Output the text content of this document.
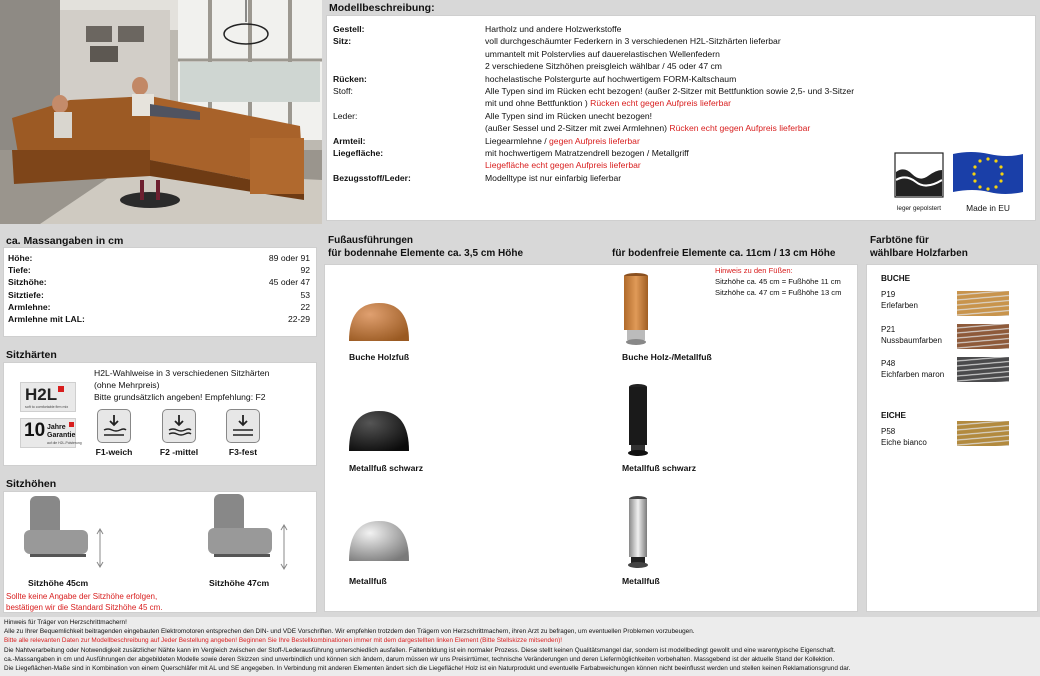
Modellbeschreibung:
leger gepolstert	Made in EU
Gestell:	Hartholz und andere Holzwerkstoffe
Sitz:	voll durchgeschäumter Federkern in 3 verschiedenen H2L-Sitzhärten lieferbar
ummantelt mit Polstervlies auf dauerelastischen Wellenfedern
2 verschiedene Sitzhöhen preisgleich wählbar / 45 oder 47 cm
Rücken:	hochelastische Polstergurte auf hochwertigem FORM-Kaltschaum
Stoff:	Alle Typen sind im Rücken echt bezogen! (außer 2-Sitzer mit Bettfunktion sowie 2,5- und 3-Sitzer
mit und ohne Bettfunktion ) Rücken echt gegen Aufpreis lieferbar
Leder:	Alle Typen sind im Rücken unecht bezogen!
(außer Sessel und 2-Sitzer mit zwei Armlehnen) Rücken echt gegen Aufpreis lieferbar
Armteil:	Liegearmlehne / gegen Aufpreis lieferbar
Liegefläche:	mit hochwertigem Matratzendrell bezogen / Metallgriff
Liegefläche echt gegen Aufpreis lieferbar
Bezugsstoff/Leder:	Modelltype ist nur einfarbig lieferbar
ca. Massangaben in cm
Höhe:	89 oder 91
Tiefe:	92
Sitzhöhe:	45 oder 47
Sitztiefe:	53
Armlehne:	22
Armlehne mit LAL:	22-29
Sitzhärten
H2L
soft to comfortable firm mix
10 Jahre
Garantie
auf die H2L-Polsterung
H2L-Wahlweise in 3 verschiedenen Sitzhärten
(ohne Mehrpreis)
Bitte grundsätzlich angeben! Empfehlung: F2
F1-weich	F2 -mittel	F3-fest
Sitzhöhen
Sitzhöhe 45cm	Sitzhöhe 47cm
Sollte keine Angabe der Sitzhöhe erfolgen,
bestätigen wir die Standard Sitzhöhe 45 cm.
Fußausführungen
für bodennahe Elemente ca. 3,5 cm Höhe	für bodenfreie Elemente ca. 11cm / 13 cm Höhe
Buche Holzfuß
Metallfuß schwarz
Metallfuß
Buche Holz-/Metallfuß
Metallfuß schwarz
Metallfuß
Hinweis zu den Füßen:
Sitzhöhe ca. 45 cm = Fußhöhe 11 cm
Sitzhöhe ca. 47 cm = Fußhöhe 13 cm
Farbtöne für
wählbare Holzfarben
BUCHE
P19
Erlefarben
P21
Nussbaumfarben
P48
Eichfarben maron
EICHE
P58
Eiche bianco
Hinweis für Träger von Herzschrittmachern!
Alle zu Ihrer Bequemlichkeit beitragenden eingebauten Elektromotoren entsprechen den DIN- und VDE Vorschriften. Wir empfehlen trotzdem den Trägern von Herzschrittmachern, ihren Arzt zu befragen, um eventuellen Problemen vorzubeugen.
Bitte alle relevanten Daten zur Modellbeschreibung auf Jeder Bestellung angeben! Beginnen Sie Ihre Bestellkombinationen immer mit dem dargestellten linken Element (Bitte Stellskizze mitsenden)!
Die Nahtverarbeitung oder Notwendigkeit zusätzlicher Nähte kann im Vergleich zwischen der Stoff-/Lederausführung unterschiedlich ausfallen. Faltenbildung ist ein normaler Prozess. Diese stellt keinen Qualitätsmangel dar, sondern ist modellbedingt gewollt und eine warentypische Eigenschaft.
ca.-Massangaben in cm und Ausführungen der abgebildeten Modelle sowie deren Skizzen sind unverbindlich und können sich ändern, darum müssen wir uns Preisirrtümer, technische Veränderungen und deren Liefermöglichkeiten vorbehalten. Massgebend ist der aktuelle Stand der Kollektion.
Die Liegeflächen-Maße sind in Kombination von einem Querschläfer mit AL und SE angegeben. In Verbindung mit anderen Elementen ändert sich die Liegefläche! Holz ist ein Naturprodukt und eventuelle Farbabweichungen können nicht beeinflusst werden und stellen keinen Reklamationsgrund dar.
